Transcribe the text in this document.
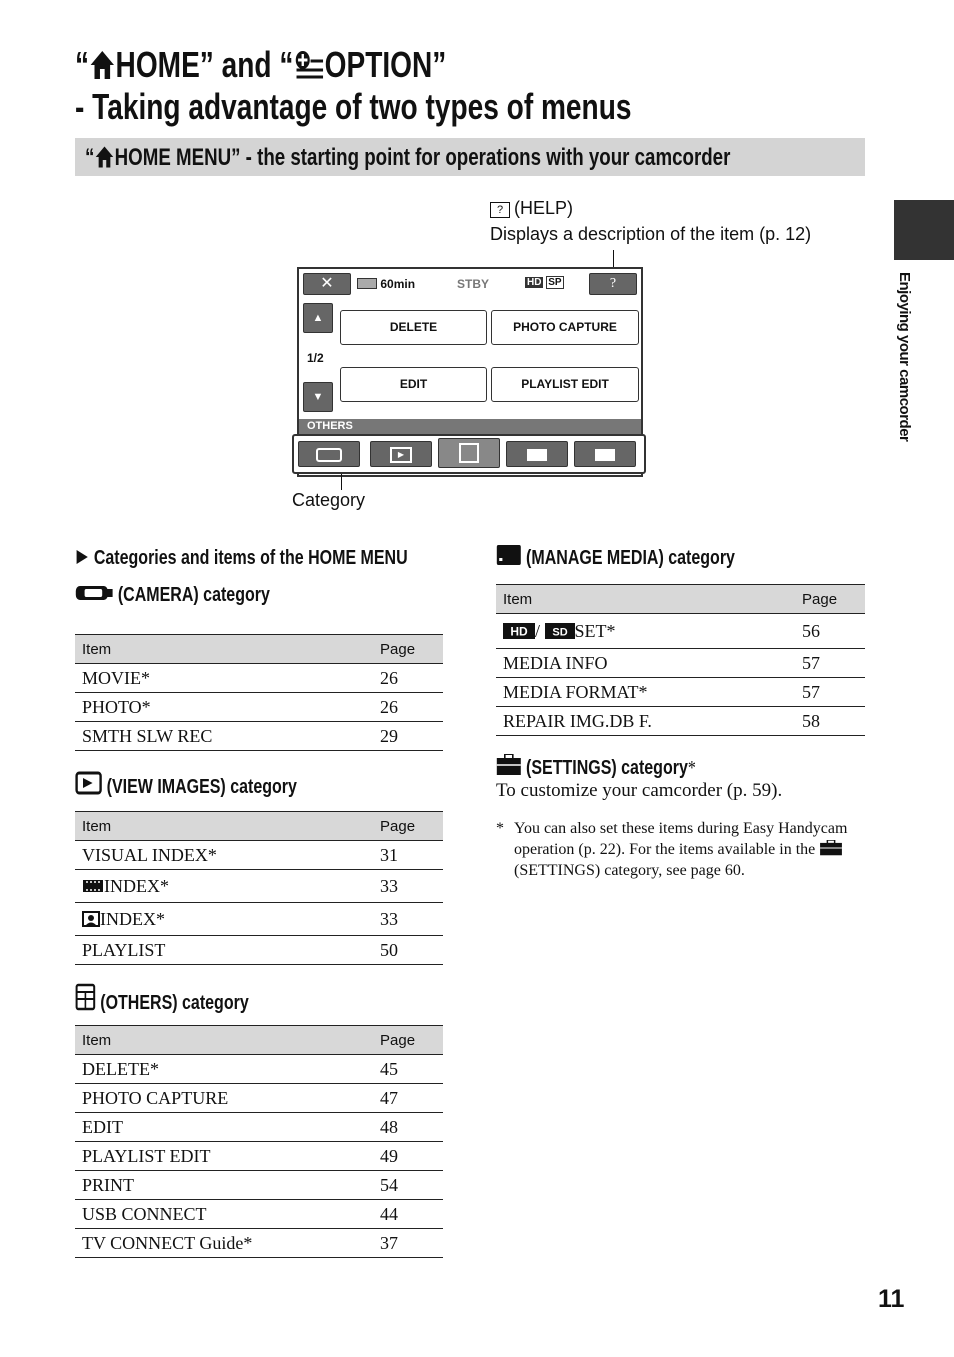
“ HOME” and “ OPTION”
- Taking advantage of two types of menus
“ HOME MENU” - the starting point for operations with your camcorder
Enjoying your camcorder
? (HELP)
Displays a description of the item (p. 12)
✕	60min	STBY	HD SP	?
▲
1/2
▼
DELETE	PHOTO CAPTURE
EDIT	PLAYLIST EDIT
OTHERS
▶
Category
Categories and items of the HOME MENU
(CAMERA) category
Item	Page
MOVIE*	26
PHOTO*	26
SMTH SLW REC	29
(VIEW IMAGES) category
Item	Page
VISUAL INDEX*	31
INDEX*	33
INDEX*	33
PLAYLIST	50
(OTHERS) category
Item	Page
DELETE*	45
PHOTO CAPTURE	47
EDIT	48
PLAYLIST EDIT	49
PRINT	54
USB CONNECT	44
TV CONNECT Guide*	37
(MANAGE MEDIA) category
Item	Page

HD / SD SET*	56
MEDIA INFO	57
MEDIA FORMAT*	57
REPAIR IMG.DB F.	58
(SETTINGS) category*
To customize your camcorder (p. 59).
* You can also set these items during Easy Handycam operation (p. 22). For the items available in the  (SETTINGS) category, see page 60.
11
